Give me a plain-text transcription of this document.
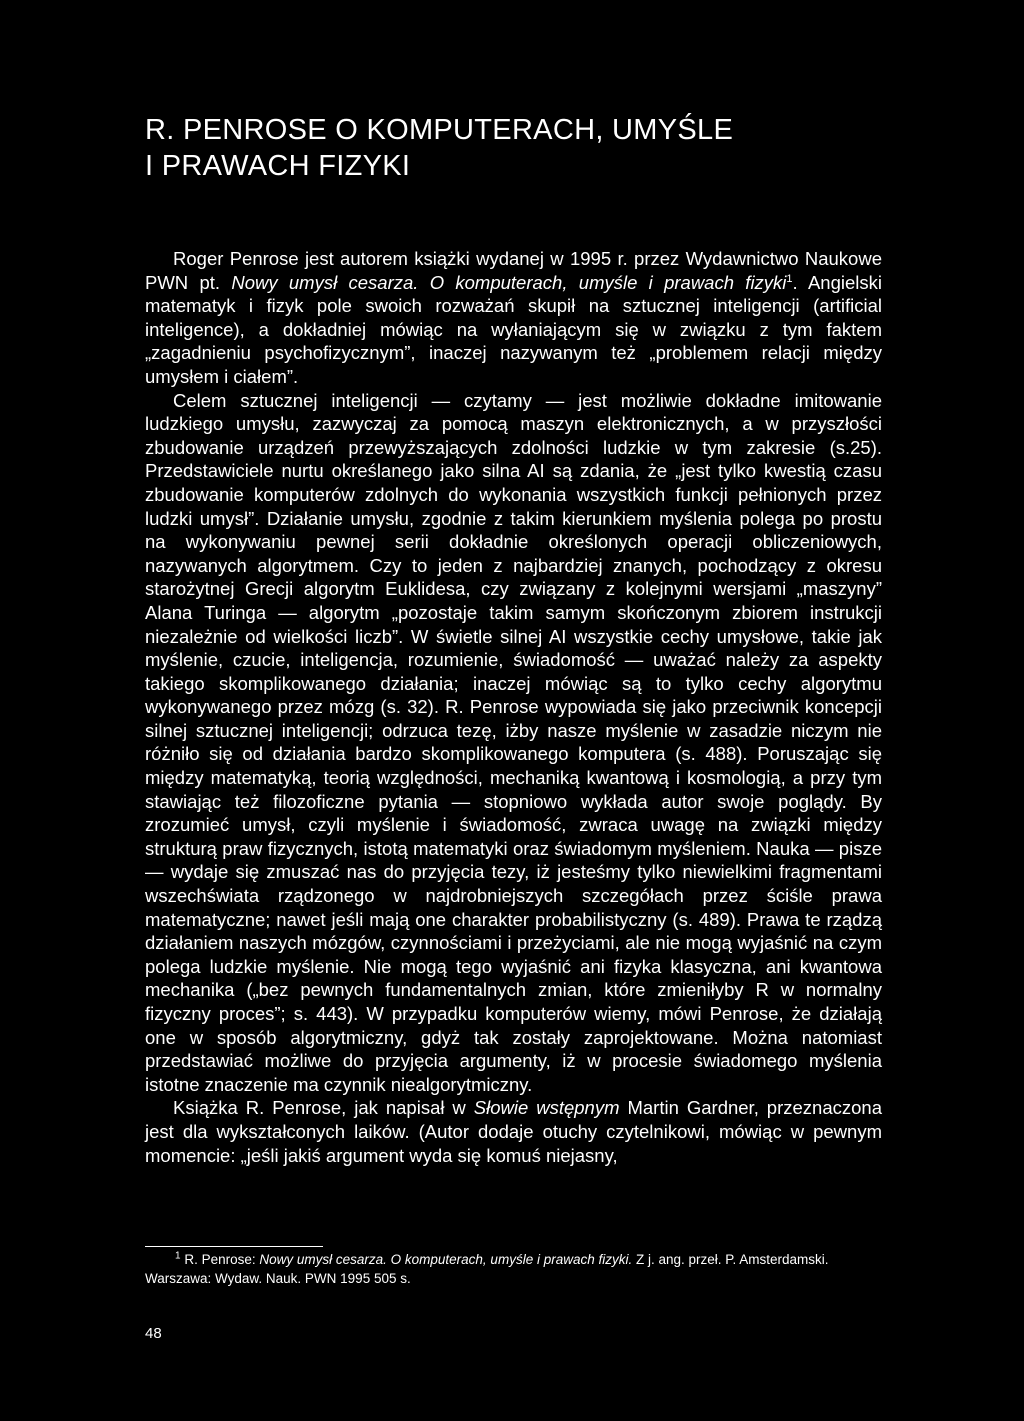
R. PENROSE O KOMPUTERACH, UMYŚLE
I PRAWACH FIZYKI

Roger Penrose jest autorem książki wydanej w 1995 r. przez Wydawnictwo Naukowe PWN pt. Nowy umysł cesarza. O komputerach, umyśle i prawach fizyki$^1$. Angielski matematyk i fizyk pole swoich rozważań skupił na sztucznej inteligencji (artificial inteligence), a dokładniej mówiąc na wyłaniającym się w związku z tym faktem „zagadnieniu psychofizycznym”, inaczej nazywanym też „problemem relacji między umysłem i ciałem”.

Celem sztucznej inteligencji — czytamy — jest możliwie dokładne imitowanie ludzkiego umysłu, zazwyczaj za pomocą maszyn elektronicznych, a w przyszłości zbudowanie urządzeń przewyższających zdolności ludzkie w tym zakresie (s.25). Przedstawiciele nurtu określanego jako silna AI są zdania, że „jest tylko kwestią czasu zbudowanie komputerów zdolnych do wykonania wszystkich funkcji pełnionych przez ludzki umysł”. Działanie umysłu, zgodnie z takim kierunkiem myślenia polega po prostu na wykonywaniu pewnej serii dokładnie określonych operacji obliczeniowych, nazywanych algorytmem. Czy to jeden z najbardziej znanych, pochodzący z okresu starożytnej Grecji algorytm Euklidesa, czy związany z kolejnymi wersjami „maszyny” Alana Turinga — algorytm „pozostaje takim samym skończonym zbiorem instrukcji niezależnie od wielkości liczb”. W świetle silnej AI wszystkie cechy umysłowe, takie jak myślenie, czucie, inteligencja, rozumienie, świadomość — uważać należy za aspekty takiego skomplikowanego działania; inaczej mówiąc są to tylko cechy algorytmu wykonywanego przez mózg (s. 32). R. Penrose wypowiada się jako przeciwnik koncepcji silnej sztucznej inteligencji; odrzuca tezę, iżby nasze myślenie w zasadzie niczym nie różniło się od działania bardzo skomplikowanego komputera (s. 488). Poruszając się między matematyką, teorią względności, mechaniką kwantową i kosmologią, a przy tym stawiając też filozoficzne pytania — stopniowo wykłada autor swoje poglądy. By zrozumieć umysł, czyli myślenie i świadomość, zwraca uwagę na związki między strukturą praw fizycznych, istotą matematyki oraz świadomym myśleniem. Nauka — pisze — wydaje się zmuszać nas do przyjęcia tezy, iż jesteśmy tylko niewielkimi fragmentami wszechświata rządzonego w najdrobniejszych szczegółach przez ściśle prawa matematyczne; nawet jeśli mają one charakter probabilistyczny (s. 489). Prawa te rządzą działaniem naszych mózgów, czynnościami i przeżyciami, ale nie mogą wyjaśnić na czym polega ludzkie myślenie. Nie mogą tego wyjaśnić ani fizyka klasyczna, ani kwantowa mechanika („bez pewnych fundamentalnych zmian, które zmieniłyby R w normalny fizyczny proces”; s. 443). W przypadku komputerów wiemy, mówi Penrose, że działają one w sposób algorytmiczny, gdyż tak zostały zaprojektowane. Można natomiast przedstawiać możliwe do przyjęcia argumenty, iż w procesie świadomego myślenia istotne znaczenie ma czynnik niealgorytmiczny.

Książka R. Penrose, jak napisał w Słowie wstępnym Martin Gardner, przeznaczona jest dla wykształconych laików. (Autor dodaje otuchy czytelnikowi, mówiąc w pewnym momencie: „jeśli jakiś argument wyda się komuś niejasny,

$^1$ R. Penrose: Nowy umysł cesarza. O komputerach, umyśle i prawach fizyki. Z j. ang. przeł. P. Amsterdamski. Warszawa: Wydaw. Nauk. PWN 1995 505 s.
48
